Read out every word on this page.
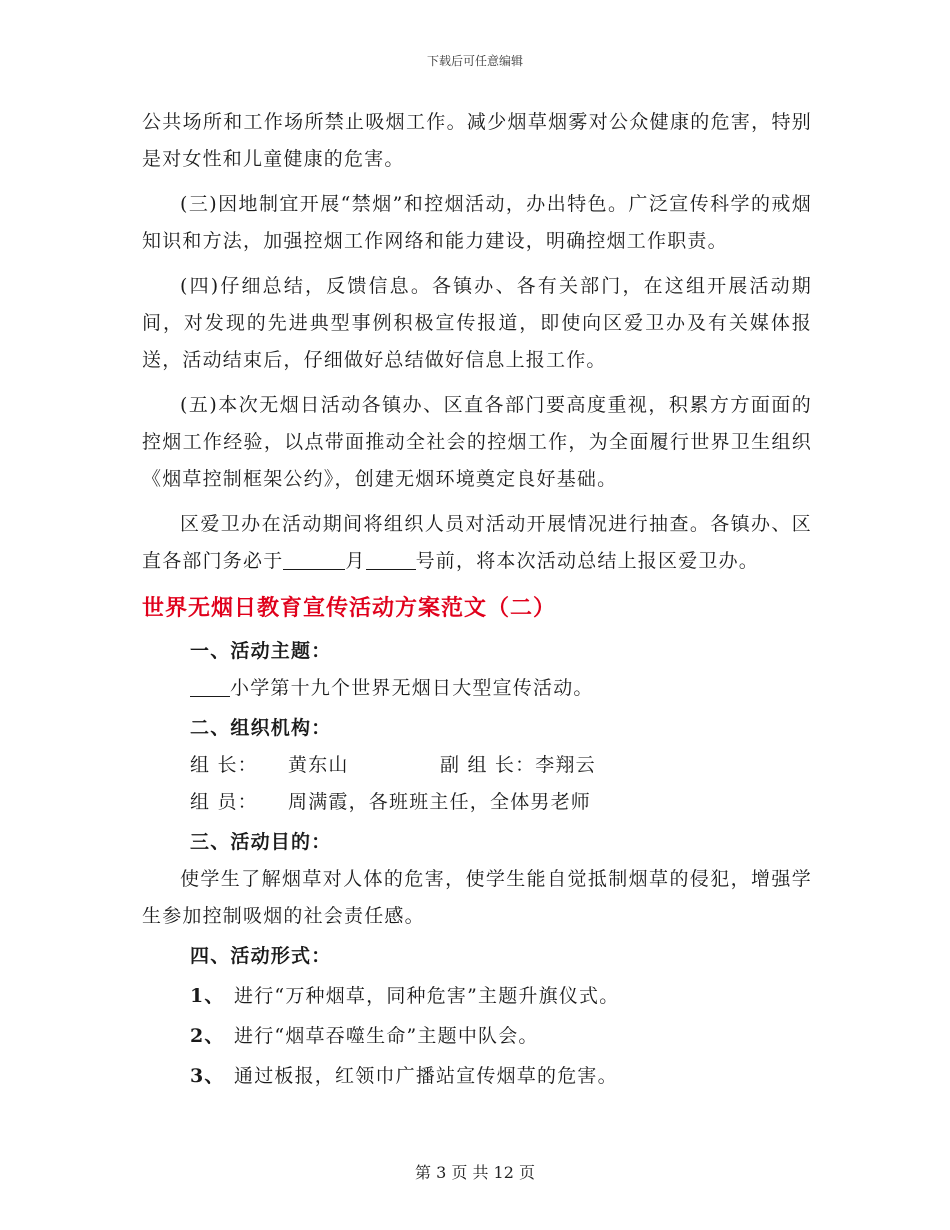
下载后可任意编辑

公共场所和工作场所禁止吸烟工作。减少烟草烟雾对公众健康的危害，特别是对女性和儿童健康的危害。

(三)因地制宜开展“禁烟”和控烟活动，办出特色。广泛宣传科学的戒烟知识和方法，加强控烟工作网络和能力建设，明确控烟工作职责。

(四)仔细总结，反馈信息。各镇办、各有关部门，在这组开展活动期间，对发现的先进典型事例积极宣传报道，即使向区爱卫办及有关媒体报送，活动结束后，仔细做好总结做好信息上报工作。

(五)本次无烟日活动各镇办、区直各部门要高度重视，积累方方面面的控烟工作经验，以点带面推动全社会的控烟工作，为全面履行世界卫生组织《烟草控制框架公约》，创建无烟环境奠定良好基础。

区爱卫办在活动期间将组织人员对活动开展情况进行抽查。各镇办、区直各部门务必于	月	号前，将本次活动总结上报区爱卫办。

世界无烟日教育宣传活动方案范文（二）

一、活动主题：

小学第十九个世界无烟日大型宣传活动。

二、组织机构：

组 长：	黄东山	副 组 长： 李翔云

组 员：	周满霞，各班班主任，全体男老师

三、活动目的：

使学生了解烟草对人体的危害，使学生能自觉抵制烟草的侵犯，增强学生参加控制吸烟的社会责任感。

四、活动形式：

1、 进行“万种烟草，同种危害”主题升旗仪式。

2、 进行“烟草吞噬生命”主题中队会。

3、 通过板报，红领巾广播站宣传烟草的危害。

第 3 页 共 12 页
